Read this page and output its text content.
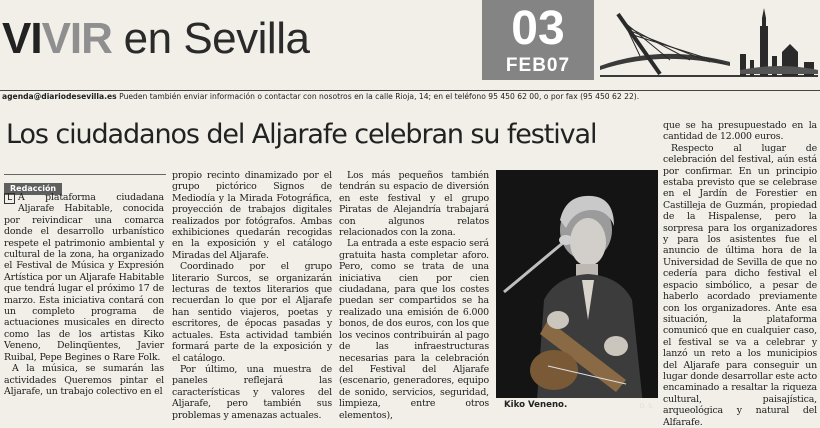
VIVIR en Sevilla	03
FEB07
agenda@diariodesevilla.es Pueden también enviar información o contactar con nosotros en la calle Rioja, 14; en el teléfono 95 450 62 00, o por fax (95 450 62 22).
Los ciudadanos del Aljarafe celebran su festival
Redacción

L A plataforma ciudadana Aljarafe Habitable, conocida por reivindicar una comarca donde el desarrollo urbanístico respete el patrimonio ambiental y cultural de la zona, ha organizado el Festival de Música y Expresión Artística por un Aljarafe Habitable que tendrá lugar el próximo 17 de marzo. Esta iniciativa contará con un completo programa de actuaciones musicales en directo como las de los artistas Kiko Veneno, Delinqüentes, Javier Ruibal, Pepe Begines o Rare Folk.

A la música, se sumarán las actividades Queremos pintar el Aljarafe, un trabajo colectivo en el

propio recinto dinamizado por el grupo pictórico Signos de Mediodía y la Mirada Fotográfica, proyección de trabajos digitales realizados por fotógrafos. Ambas exhibiciones quedarán recogidas en la exposición y el catálogo Miradas del Aljarafe.

Coordinado por el grupo literario Surcos, se organizarán lecturas de textos literarios que recuerdan lo que por el Aljarafe han sentido viajeros, poetas y escritores, de épocas pasadas y actuales. Esta actividad también formará parte de la exposición y el catálogo.

Por último, una muestra de paneles reflejará las características y valores del Aljarafe, pero también sus problemas y amenazas actuales.

Los más pequeños también tendrán su espacio de diversión en este festival y el grupo Piratas de Alejandría trabajará con algunos relatos relacionados con la zona.

La entrada a este espacio será gratuita hasta completar aforo. Pero, como se trata de una iniciativa cien por cien ciudadana, para que los costes puedan ser compartidos se ha realizado una emisión de 6.000 bonos, de dos euros, con los que los vecinos contribuirán al pago de las infraestructuras necesarias para la celebración del Festival del Aljarafe (escenario, generadores, equipo de sonido, servicios, seguridad, limpieza, entre otros elementos),

Kiko Veneno.	D. S.

que se ha presupuestado en la cantidad de 12.000 euros.

Respecto al lugar de celebración del festival, aún está por confirmar. En un principio estaba previsto que se celebrase en el Jardín de Forestier en Castilleja de Guzmán, propiedad de la Hispalense, pero la sorpresa para los organizadores y para los asistentes fue el anuncio de última hora de la Universidad de Sevilla de que no cedería para dicho festival el espacio simbólico, a pesar de haberlo acordado previamente con los organizadores. Ante esa situación, la plataforma comunicó que en cualquier caso, el festival se va a celebrar y lanzó un reto a los municipios del Aljarafe para conseguir un lugar donde desarrollar este acto encaminado a resaltar la riqueza cultural, paisajística, arqueológica y natural del Alfarafe.
